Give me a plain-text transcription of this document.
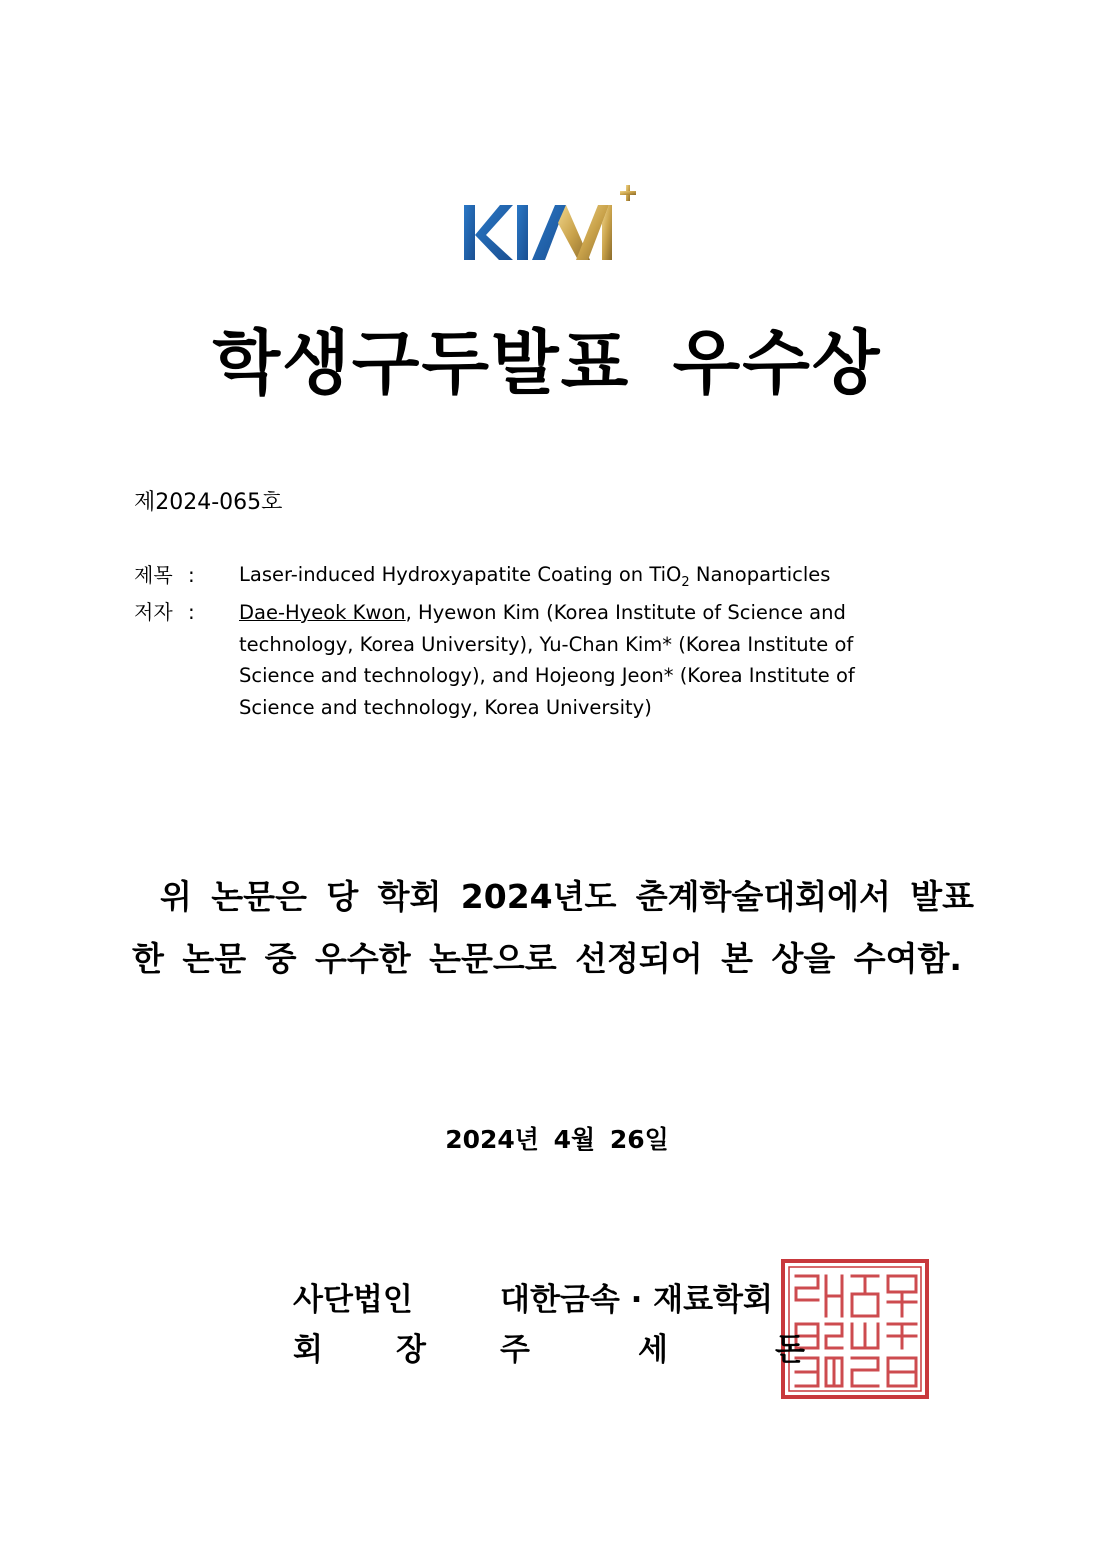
학생구두발표 우수상
제2024-065호
제목 : Laser-induced Hydroxyapatite Coating on TiO$_2$ Nanoparticles
저자 : Dae-Hyeok Kwon, Hyewon Kim (Korea Institute of Science and technology, Korea University), Yu-Chan Kim* (Korea Institute of Science and technology), and Hojeong Jeon* (Korea Institute of Science and technology, Korea University)
위 논문은 당 학회 2024년도 춘계학술대회에서 발표한 논문 중 우수한 논문으로 선정되어 본 상을 수여함.
2024년 4월 26일
사단법인	대한금속 · 재료학회
회 장 주	세	돈
